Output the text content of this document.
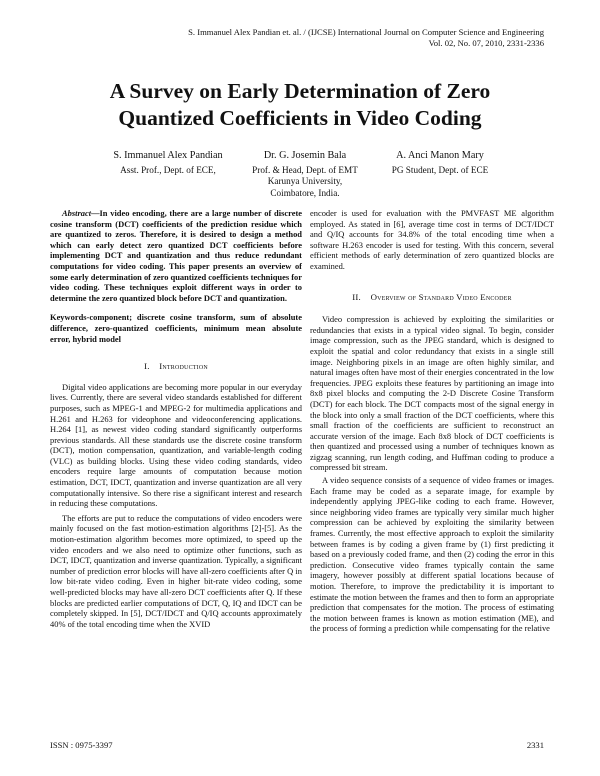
S. Immanuel Alex Pandian et. al. / (IJCSE) International Journal on Computer Science and Engineering
Vol. 02, No. 07, 2010, 2331-2336
A Survey on Early Determination of Zero
Quantized Coefficients in Video Coding
S. Immanuel Alex Pandian
Asst. Prof., Dept. of ECE,
Dr. G. Josemin Bala
Prof. & Head, Dept. of EMT
Karunya University,
Coimbatore, India.
A. Anci Manon Mary
PG Student, Dept. of ECE

Abstract—In video encoding, there are a large number of discrete cosine transform (DCT) coefficients of the prediction residue which are quantized to zeros. Therefore, it is desired to design a method which can early detect zero quantized DCT coefficients before implementing DCT and quantization and thus reduce redundant computations for video coding. This paper presents an overview of some early determination of zero quantized coefficients techniques for video coding. These techniques exploit different ways in order to determine the zero quantized block before DCT and quantization.

Keywords-component; discrete cosine transform, sum of absolute difference, zero-quantized coefficients, minimum mean absolute error, hybrid model

I. Introduction

Digital video applications are becoming more popular in our everyday lives. Currently, there are several video standards established for different purposes, such as MPEG-1 and MPEG-2 for multimedia applications and H.261 and H.263 for videophone and videoconferencing applications. H.264 [1], as newest video coding standard significantly outperforms previous standards. All these standards use the discrete cosine transform (DCT), motion compensation, quantization, and variable-length coding (VLC) as building blocks. Using these video coding standards, video encoders require large amounts of computation because motion estimation, DCT, IDCT, quantization and inverse quantization are all very computationally intensive. So there rise a significant interest and research in reducing these computations.

The efforts are put to reduce the computations of video encoders were mainly focused on the fast motion-estimation algorithms [2]-[5]. As the motion-estimation algorithm becomes more optimized, to speed up the video encoders and we also need to optimize other functions, such as DCT, IDCT, quantization and inverse quantization. Typically, a significant number of prediction error blocks will have all-zero coefficients after Q in low bit-rate video coding. Even in higher bit-rate video coding, some well-predicted blocks may have all-zero DCT coefficients after Q. If these blocks are predicted earlier computations of DCT, Q, IQ and IDCT can be completely skipped. In [5], DCT/IDCT and Q/IQ accounts approximately 40% of the total encoding time when the XVID

encoder is used for evaluation with the PMVFAST ME algorithm employed. As stated in [6], average time cost in terms of DCT/IDCT and Q/IQ accounts for 34.8% of the total encoding time when a software H.263 encoder is used for testing. With this concern, several efficient methods of early determination of zero quantized blocks are examined.

II. Overview of Standard Video Encoder

Video compression is achieved by exploiting the similarities or redundancies that exists in a typical video signal. To begin, consider image compression, such as the JPEG standard, which is designed to exploit the spatial and color redundancy that exists in a single still image. Neighboring pixels in an image are often highly similar, and natural images often have most of their energies concentrated in the low frequencies. JPEG exploits these features by partitioning an image into 8x8 pixel blocks and computing the 2-D Discrete Cosine Transform (DCT) for each block. The DCT compacts most of the signal energy in the block into only a small fraction of the DCT coefficients, where this small fraction of the coefficients are sufficient to reconstruct an accurate version of the image. Each 8x8 block of DCT coefficients is then quantized and processed using a number of techniques known as zigzag scanning, run length coding, and Huffman coding to produce a compressed bit stream.

A video sequence consists of a sequence of video frames or images. Each frame may be coded as a separate image, for example by independently applying JPEG-like coding to each frame. However, since neighboring video frames are typically very similar much higher compression can be achieved by exploiting the similarity between frames. Currently, the most effective approach to exploit the similarity between frames is by coding a given frame by (1) first predicting it based on a previously coded frame, and then (2) coding the error in this prediction. Consecutive video frames typically contain the same imagery, however possibly at different spatial locations because of motion. Therefore, to improve the predictability it is important to estimate the motion between the frames and then to form an appropriate prediction that compensates for the motion. The process of estimating the motion between frames is known as motion estimation (ME), and the process of forming a prediction while compensating for the relative

ISSN : 0975-3397	2331
